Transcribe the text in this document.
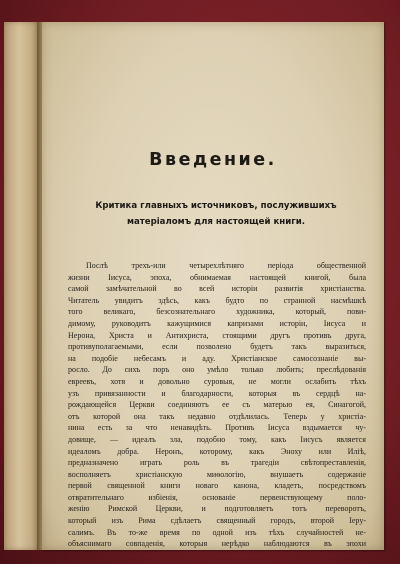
Введение.
Критика главныхъ источниковъ, послужившихъ матеріаломъ для настоящей книги.
Послѣ трехъ-или четырехлѣтняго періода общественной
жизни Іисуса, эпоха, обнимаемая настоящей книгой, была
самой замѣчательной во всей исторіи развитія христіанства.
Читатель увидитъ здѣсь, какъ будто по странной насмѣшкѣ
того великаго, безсознательнаго художника, который, пови-
димому, руководитъ кажущимися капризами исторіи, Іисуса и
Нерона, Христа и Антихриста, стоящими другъ противъ друга,
противуполагаемыми, если позволено будетъ такъ выразиться,
на подобіе небесамъ и аду. Христіанское самосознаніе вы-
росло. До сихъ поръ оно умѣло только любить; преслѣдованія
евреевъ, хотя и довольно суровыя, не могли ослабить тѣхъ
узъ привязанности и благодарности, которыя въ сердцѣ на-
рождающейся Церкви соединяютъ ее съ матерью ея, Синагогой,
отъ которой она такъ недавно отдѣлилась. Теперь у христіа-
нина есть за что ненавидѣть. Противъ Іисуса вздымается чу-
довище, — идеалъ зла, подобно тому, какъ Іисусъ является
идеаломъ добра. Неронъ, которому, какъ Эноху или Иліѣ,
предназначено играть роль въ трагедіи свѣтопреставленія,
восполняетъ христіанскую миѳологію, внушаетъ содержаніе
первой священной книги новаго канона, кладетъ, посредствомъ
отвратительнаго избіенія, основаніе первенствующему поло-
женію Римской Церкви, и подготовляетъ тотъ переворотъ,
который изъ Рима сдѣлаетъ священный городъ, второй Іеру-
салимъ. Въ то-же время по одной изъ тѣхъ случайностей не-
объяснимаго совпаденія, которыя нерѣдко наблюдаются въ эпохи
